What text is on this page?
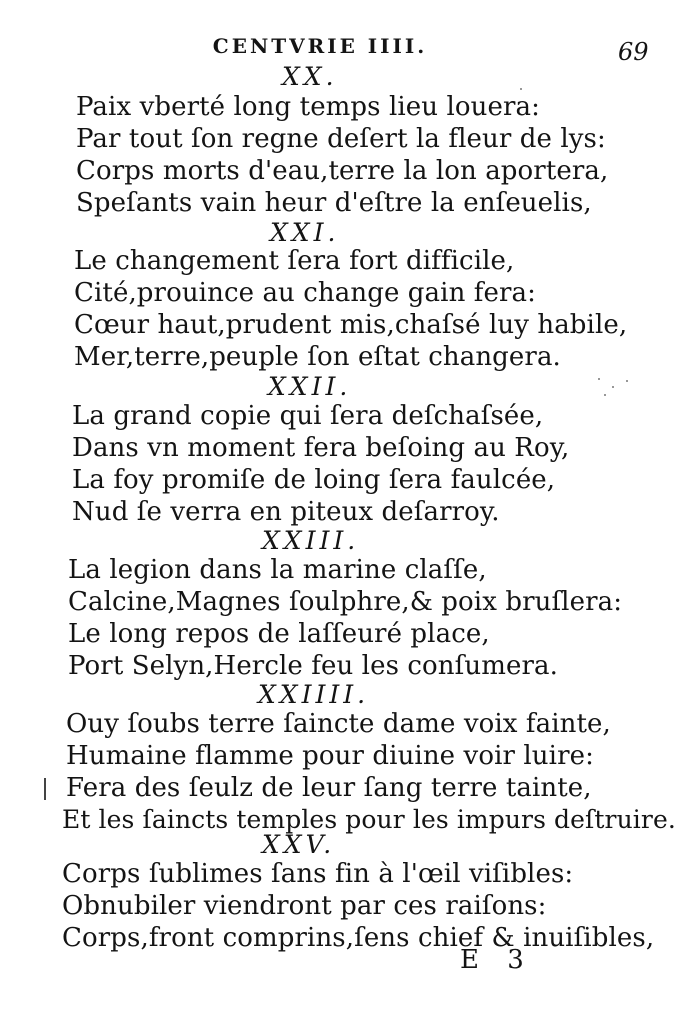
CENTVRIE IIII.	69
XX.
Paix vberté long temps lieu louera:
Par tout ſon regne deſert la fleur de lys:
Corps morts d'eau,terre la lon aportera,
Speſants vain heur d'eſtre la enſeuelis,
XXI.
Le changement ſera fort difficile,
Cité,prouince au change gain fera:
Cœur haut,prudent mis,chaſsé luy habile,
Mer,terre,peuple ſon eſtat changera.
XXII.
La grand copie qui ſera deſchaſsée,
Dans vn moment fera beſoing au Roy,
La foy promiſe de loing ſera faulcée,
Nud ſe verra en piteux deſarroy.
XXIII.
La legion dans la marine claſſe,
Calcine,Magnes ſoulphre,& poix bruſlera:
Le long repos de laſſeuré place,
Port Selyn,Hercle feu les conſumera.
XXIIII.
Ouy ſoubs terre ſaincte dame voix fainte,
Humaine flamme pour diuine voir luire:
Fera des ſeulz de leur ſang terre tainte,
Et les ſaincts temples pour les impurs deſtruire.
XXV.
Corps ſublimes ſans fin à l'œil viſibles:
Obnubiler viendront par ces raiſons:
Corps,front comprins,ſens chief & inuiſibles,
E 3
